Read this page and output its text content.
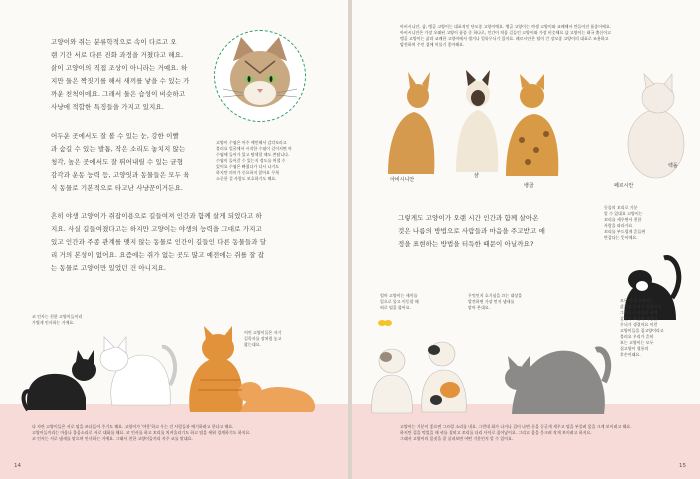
고양이와 쥐는 분류학적으로 속이 다르고 오
랜 기간 서로 다른 진화 과정을 거쳤다고 해요.
삵이 고양이의 직접 조상이 아니라는 거예요. 하
지만 둘은 짝짓기를 해서 새끼를 낳을 수 있는 가
까운 친척이에요. 그래서 둘은 습성이 비슷하고
사냥에 적합한 특징들을 가지고 있지요.
고양이 수염은 아주 예민해서 감각모라고
불러요 얼굴에서 시작한 수염이 길어지면 아
수염에 들어가 있고 탐색할 때도 쓴답니다.
수염이 들어갈 수 있는지 정도를 꺼낼 수
있어요 수염은 빠졌다가 다시 나기도
하지만 의미가 중요하지 않아요 무척
소중한 걸 사람도 보호하기도 해요.
어두운 곳에서도 잘 볼 수 있는 눈, 강한 이빨
과 숨길 수 있는 발톱, 작은 소리도 놓치지 않는
청각, 높은 곳에서도 잘 뛰어내릴 수 있는 균형
감각과 운동 능력 등, 고양잇과 동물들은 모두 육
식 동물로 기본적으로 타고난 사냥꾼이거든요.
흔히 야생 고양이가 쥐잡이용으로 길들여져 인간과 함께 살게 되었다고 하
지요. 사실 길들여졌다고는 하지만 고양이는 야생의 능력을 그대로 가지고
있고 인간과 주종 관계를 맺지 않는 동물로 인간이 길들인 다른 동물들과 달
리 거의 본성이 없어요. 요즘에는 쥐가 없는 곳도 많고 예전에는 쥐를 잘 잡
는 동물로 고양이만 있었던 건 아니지요.
코 인사는 친한 고양이들끼리
가볍게 인사하는 거예요.
어린 고양이들은 자기
길목자를 장처럼 놓고
핥는대요.
다 자란 고양이들은 서로 털을 쓰다듬어 주기도 해요. 고양이가 '야옹'하고 우는 건 사람들과 얘기하려고 한다고 해요.
고양이들끼리는 마음나 울음소리로 서로 대화를 해요. 코 인사를 하고 꼬리를 치켜올리기도 하고 털을 세워 경계하기도 하지요.
코 인사는 서로 냄새를 맡으며 인사하는 거예요. 그래서 친한 고양이들끼리 자주 코를 맞대요.
14
아비시니안, 샴, 뱅골 고양이는 대표적인 단모종 고양이예요. 뱅골 고양이는 야생 고양이와 교배해서 만들어진 품종이에요.
아비시니안은 가장 오래된 고양이 품종 중 하나로, 인간이 처음 길들인 고양이와 가장 비슷해요 샴 고양이는 태국 출신이고
뱅골 고양이는 삵과 교배한 고양이에서 생겨나 얼룩무늬가 있어요. 페르시안은 털이 긴 장모종 고양이의 대표로 조용하고
얌전하며 주인 곁에 머물기 좋아해요.
아비시니안
샴
뱅골	페르시안
렉돌
그렇게도 고양이가 오랜 시간 인간과 함께 살아온
것은 나름의 방법으로 사람들과 마음을 주고받고 애
정을 표현하는 방법을 터득한 때문이 아닐까요?
동물의 꼬리로 기분
알 수 있대요 고양이는
꼬리를 세우면서 친한
사람을 따라가요
꼬리를 부드럽게 흔들면
반갑다는 뜻이에요.
모든 야생 고양이는
삵처럼 무늬가 있었어요.
그러다가 사람과 함께
살면서 조금씩 다양한
무늬가 생겼어요 이런
고양이들을 집고양이라고
불러요 우리가 흔히
보는 고양이는 모두
집고양이 혈통의
후손이래요.
엄마 고양이는 새끼를
입으로 물고 이동할 때
혀로 털을 핥아요.
무엇인지 호기심을 끄는 대상을
발견하면 가장 먼저 냄새를
맡아 본대요.
고양이는 기분이 좋으면 그르렁 소리를 내요. 그런데 화가 나거나 겁이 나면 등을 둥글게 세우고 털을 부풀려 몸을 크게 보이려고 해요.
하지만 겁을 먹었을 때 귀를 젖히고 꼬리를 다리 사이로 집어넣어요. 그리고 몸을 웅크려 작게 보이려고 하지요.
그래서 고양이의 몸짓을 잘 살펴보면 어떤 기분인지 알 수 있어요.
15
